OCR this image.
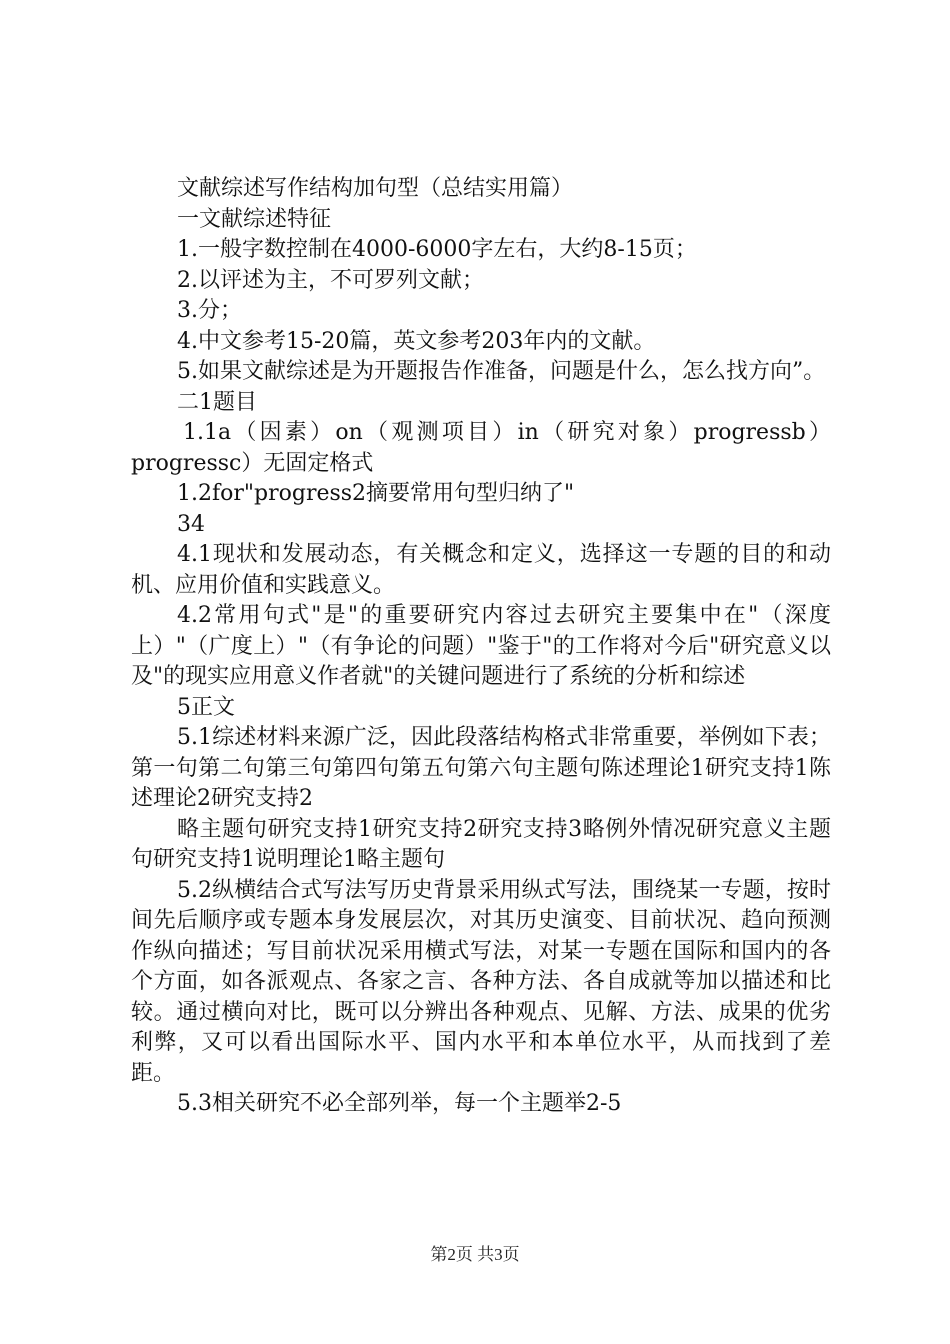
文献综述写作结构加句型（总结实用篇）

一文献综述特征

1.一般字数控制在4000-6000字左右，大约8-15页；

2.以评述为主，不可罗列文献；

3.分；

4.中文参考15-20篇，英文参考203年内的文献。

5.如果文献综述是为开题报告作准备，问题是什么，怎么找方向”。

二1题目

1.1a（因素）on（观测项目）in（研究对象）progressb）progressc）无固定格式

1.2for"progress2摘要常用句型归纳了"

34

4.1现状和发展动态，有关概念和定义，选择这一专题的目的和动机、应用价值和实践意义。

4.2常用句式"是"的重要研究内容过去研究主要集中在"（深度上）"（广度上）"（有争论的问题）"鉴于"的工作将对今后"研究意义以及"的现实应用意义作者就"的关键问题进行了系统的分析和综述

5正文

5.1综述材料来源广泛，因此段落结构格式非常重要，举例如下表；第一句第二句第三句第四句第五句第六句主题句陈述理论1研究支持1陈述理论2研究支持2

略主题句研究支持1研究支持2研究支持3略例外情况研究意义主题句研究支持1说明理论1略主题句

5.2纵横结合式写法写历史背景采用纵式写法，围绕某一专题，按时间先后顺序或专题本身发展层次，对其历史演变、目前状况、趋向预测作纵向描述；写目前状况采用横式写法，对某一专题在国际和国内的各个方面，如各派观点、各家之言、各种方法、各自成就等加以描述和比较。通过横向对比，既可以分辨出各种观点、见解、方法、成果的优劣利弊，又可以看出国际水平、国内水平和本单位水平，从而找到了差距。

5.3相关研究不必全部列举，每一个主题举2-5

第2页 共3页
